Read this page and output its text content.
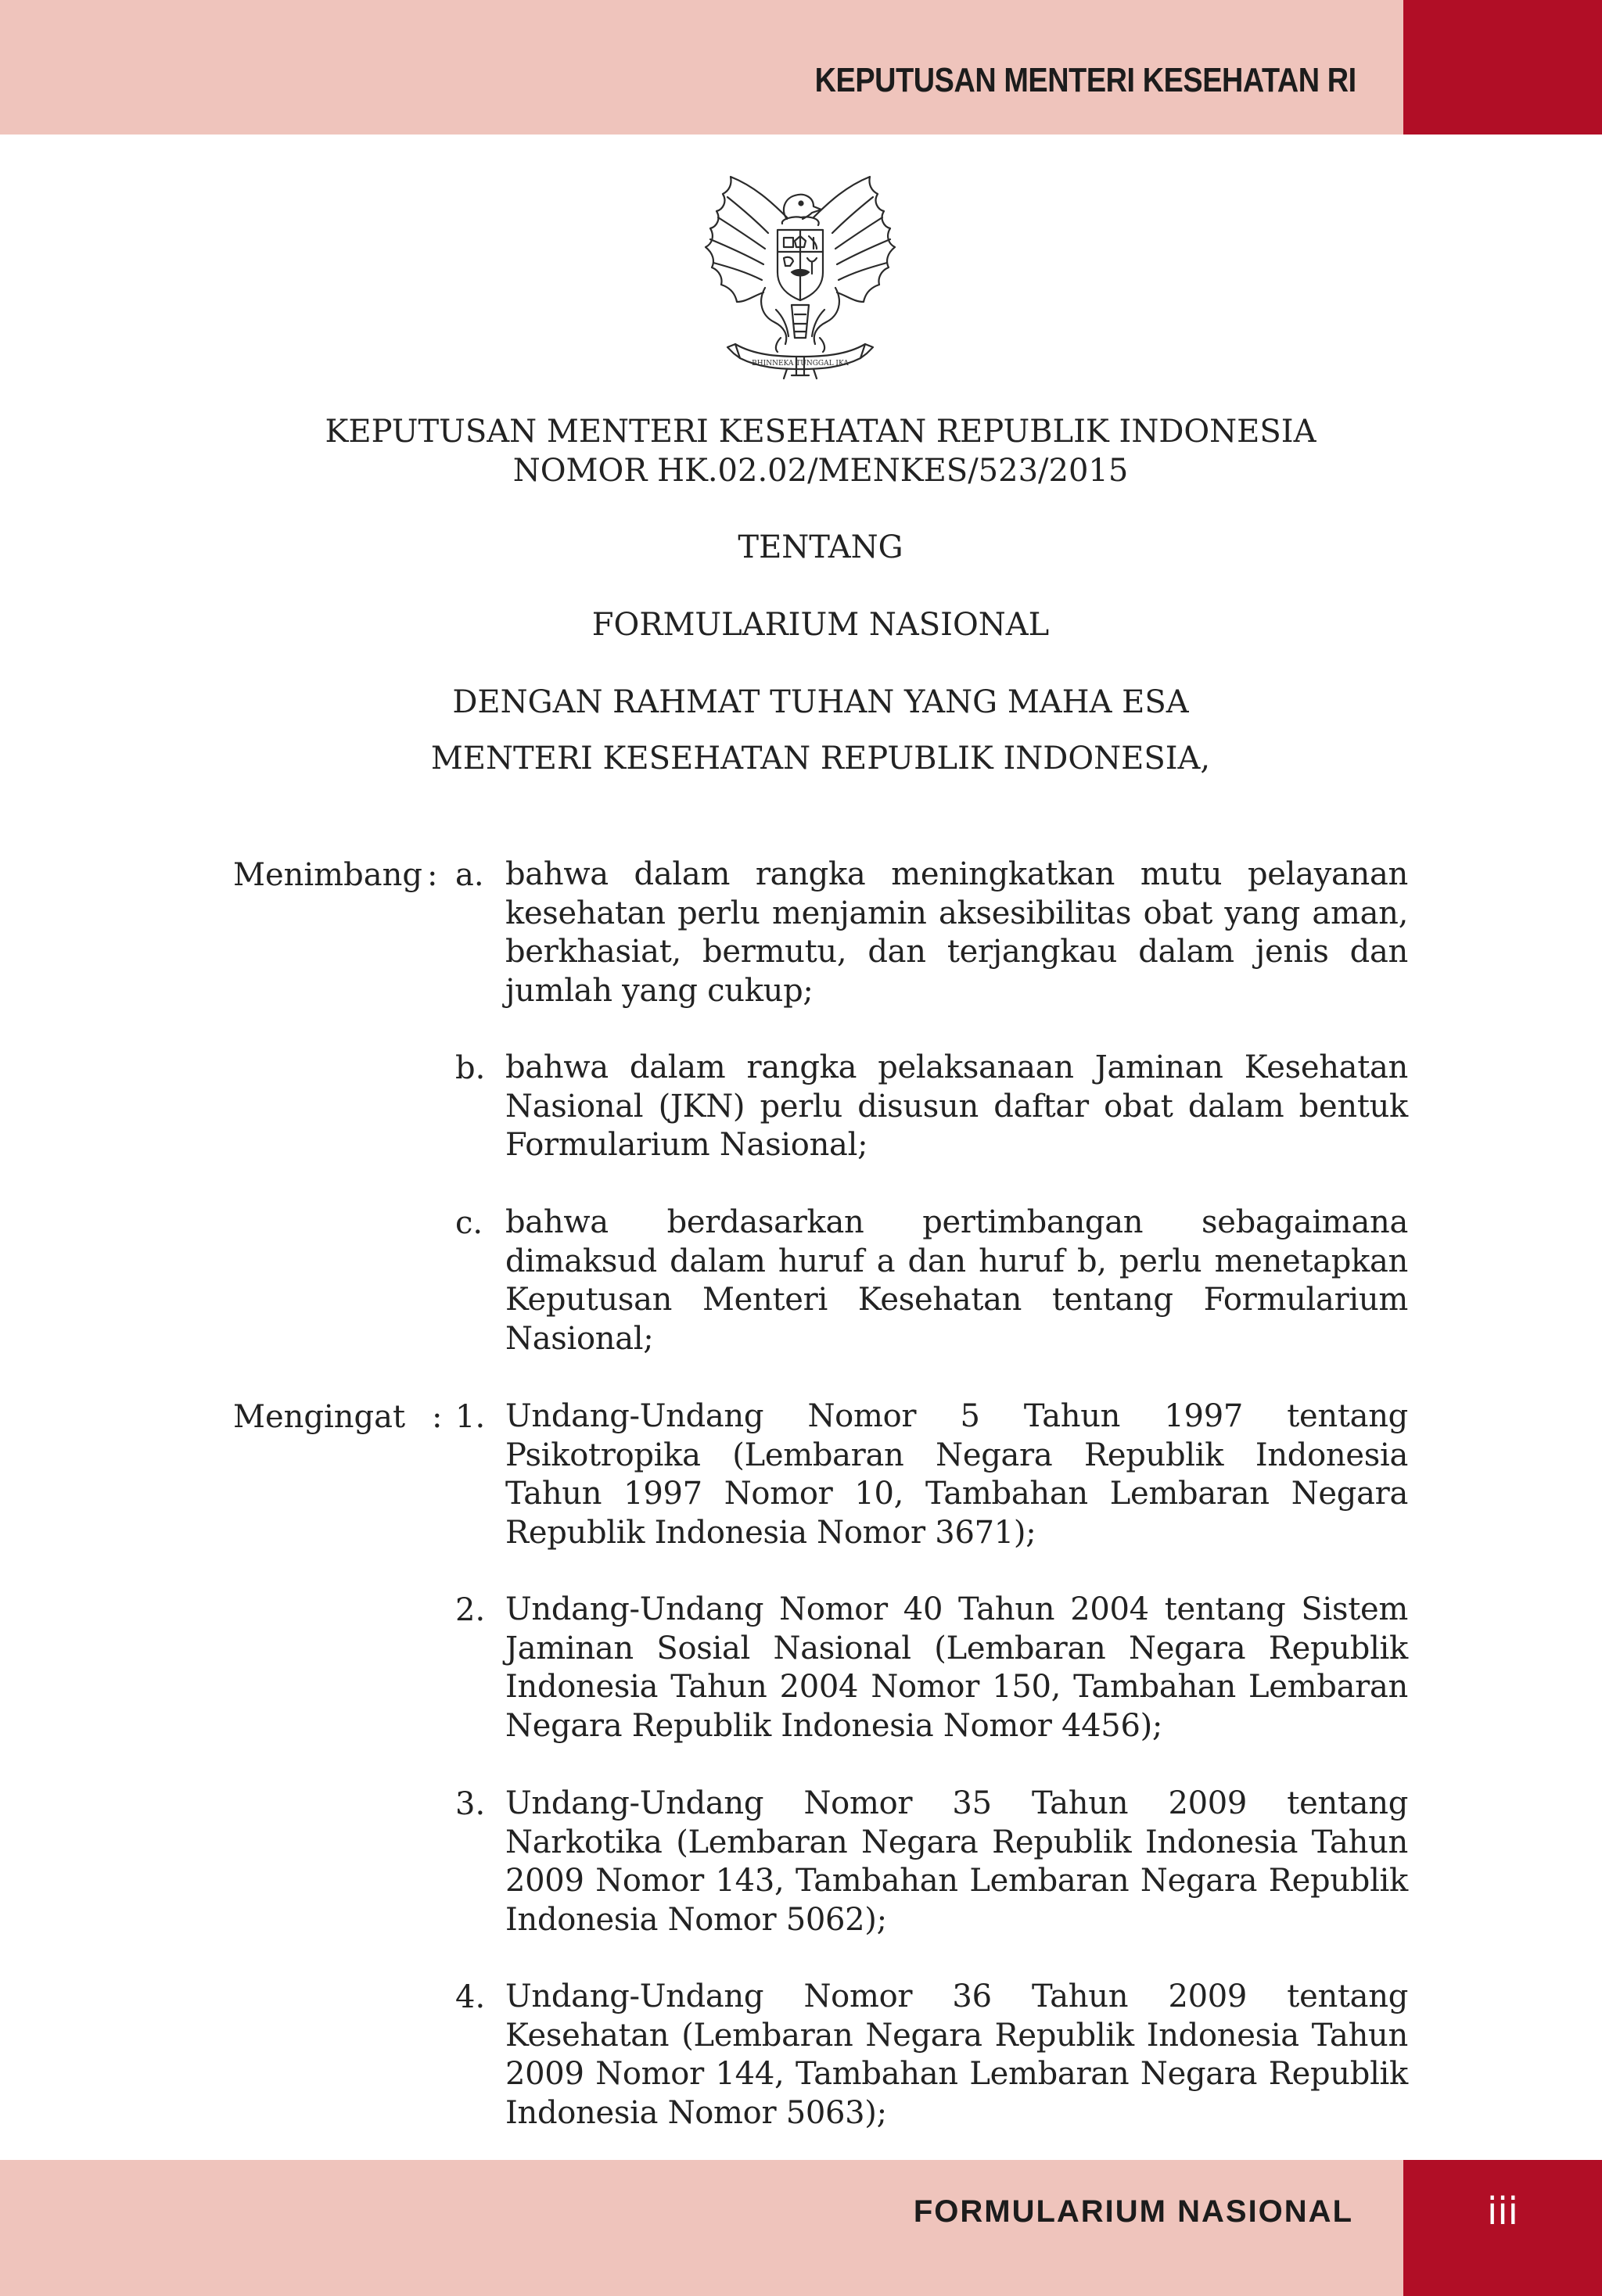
KEPUTUSAN MENTERI KESEHATAN RI
BHINNEKA TUNGGAL IKA

KEPUTUSAN MENTERI KESEHATAN REPUBLIK INDONESIA

NOMOR HK.02.02/MENKES/523/2015

TENTANG

FORMULARIUM NASIONAL

DENGAN RAHMAT TUHAN YANG MAHA ESA

MENTERI KESEHATAN REPUBLIK INDONESIA,

Menimbang : a. bahwa dalam rangka meningkatkan mutu pelayanan kesehatan perlu menjamin aksesibilitas obat yang aman, berkhasiat, bermutu, dan terjangkau dalam jenis dan jumlah yang cukup;
b. bahwa dalam rangka pelaksanaan Jaminan Kesehatan Nasional (JKN) perlu disusun daftar obat dalam bentuk Formularium Nasional;
c. bahwa berdasarkan pertimbangan sebagaimana dimaksud dalam huruf a dan huruf b, perlu menetapkan Keputusan Menteri Kesehatan tentang Formularium Nasional;
Mengingat : 1. Undang-Undang Nomor 5 Tahun 1997 tentang Psikotropika (Lembaran Negara Republik Indonesia Tahun 1997 Nomor 10, Tambahan Lembaran Negara Republik Indonesia Nomor 3671);
2. Undang-Undang Nomor 40 Tahun 2004 tentang Sistem Jaminan Sosial Nasional (Lembaran Negara Republik Indonesia Tahun 2004 Nomor 150, Tambahan Lembaran Negara Republik Indonesia Nomor 4456);
3. Undang-Undang Nomor 35 Tahun 2009 tentang Narkotika (Lembaran Negara Republik Indonesia Tahun 2009 Nomor 143, Tambahan Lembaran Negara Republik Indonesia Nomor 5062);
4. Undang-Undang Nomor 36 Tahun 2009 tentang Kesehatan (Lembaran Negara Republik Indonesia Tahun 2009 Nomor 144, Tambahan Lembaran Negara Republik Indonesia Nomor 5063);
FORMULARIUM NASIONAL	iii
